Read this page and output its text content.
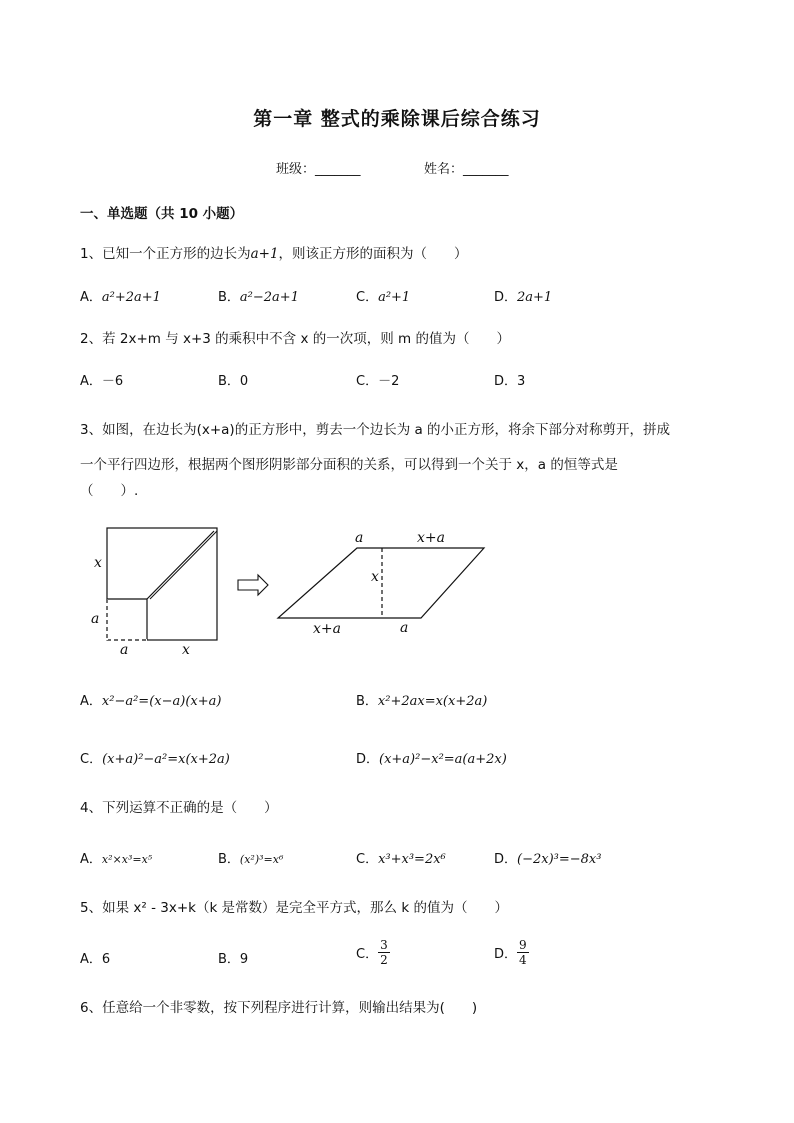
第一章 整式的乘除课后综合练习
班级：_______	姓名：_______
一、单选题（共 10 小题）
1、已知一个正方形的边长为a+1，则该正方形的面积为（　　）
A．a²+2a+1	B．a²−2a+1	C．a²+1	D．2a+1
2、若 2x+m 与 x+3 的乘积中不含 x 的一次项，则 m 的值为（　　）
A．－6	B．0	C．－2	D．3
3、如图，在边长为(x+a)的正方形中，剪去一个边长为 a 的小正方形，将余下部分对称剪开，拼成
一个平行四边形，根据两个图形阴影部分面积的关系，可以得到一个关于 x，a 的恒等式是
（　　）.
x
a
a	x
a	x+a
x
x+a	a
A．x²−a²=(x−a)(x+a)	B．x²+2ax=x(x+2a)
C．(x+a)²−a²=x(x+2a)	D．(x+a)²−x²=a(a+2x)
4、下列运算不正确的是（　　）
A．x²×x³=x⁵	B．(x²)³=x⁶	C．x³+x³=2x⁶	D．(−2x)³=−8x³
5、如果 x² - 3x+k（k 是常数）是完全平方式，那么 k 的值为（　　）
A．6	B．9	C． $\frac{3}{2}$	D． $\frac{9}{4}$
6、任意给一个非零数，按下列程序进行计算，则输出结果为(　　)
